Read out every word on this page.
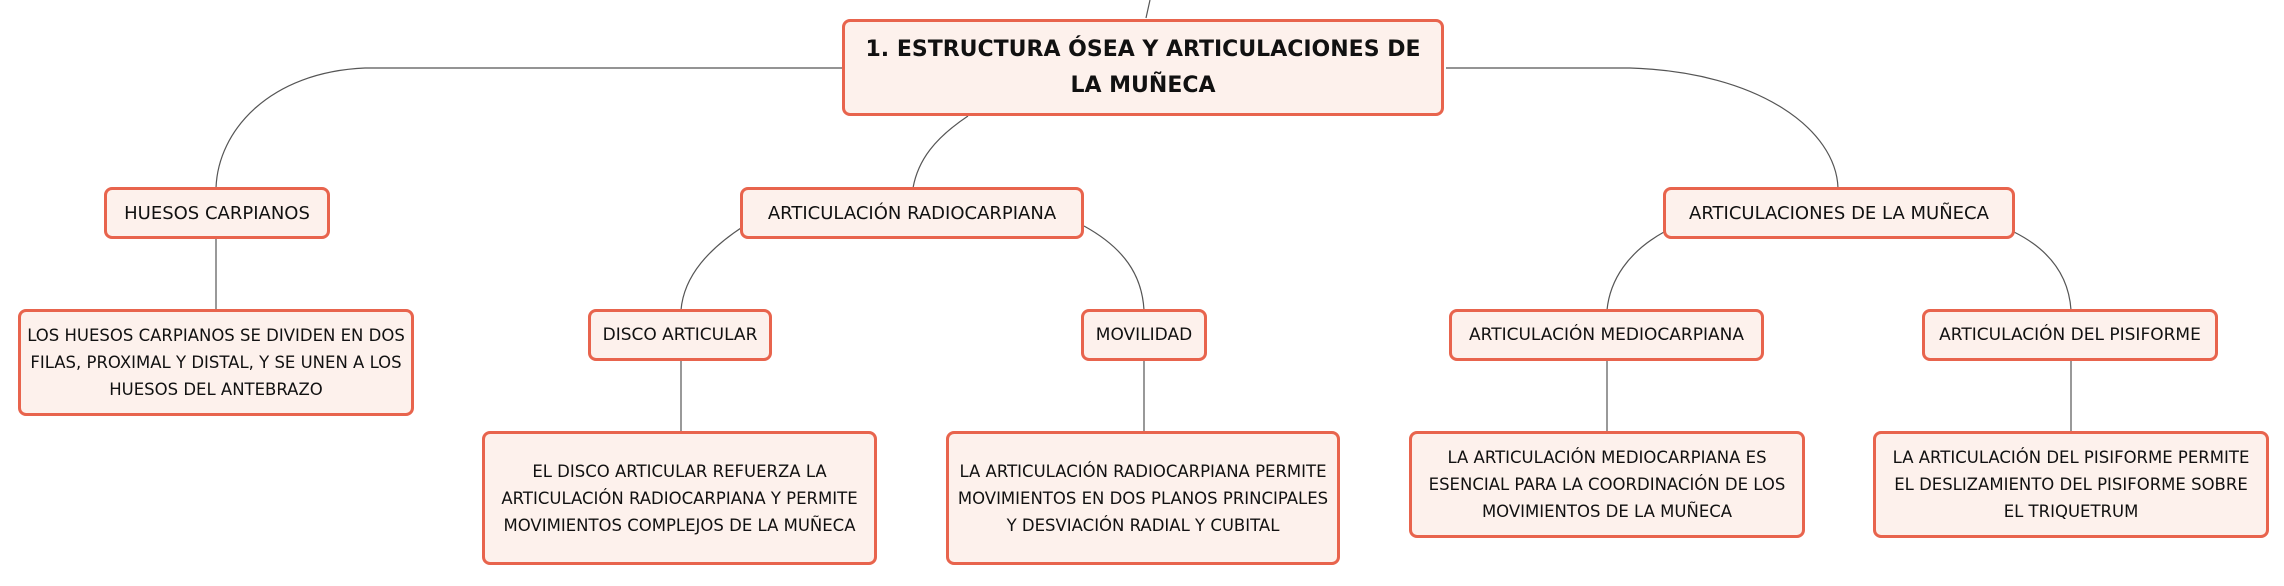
1. ESTRUCTURA ÓSEA Y ARTICULACIONES DE LA MUÑECA
HUESOS CARPIANOS	ARTICULACIÓN RADIOCARPIANA	ARTICULACIONES DE LA MUÑECA
LOS HUESOS CARPIANOS SE DIVIDEN EN DOS FILAS, PROXIMAL Y DISTAL, Y SE UNEN A LOS HUESOS DEL ANTEBRAZO
DISCO ARTICULAR	MOVILIDAD	ARTICULACIÓN MEDIOCARPIANA	ARTICULACIÓN DEL PISIFORME
EL DISCO ARTICULAR REFUERZA LA ARTICULACIÓN RADIOCARPIANA Y PERMITE MOVIMIENTOS COMPLEJOS DE LA MUÑECA
LA ARTICULACIÓN RADIOCARPIANA PERMITE MOVIMIENTOS EN DOS PLANOS PRINCIPALES Y DESVIACIÓN RADIAL Y CUBITAL
LA ARTICULACIÓN MEDIOCARPIANA ES ESENCIAL PARA LA COORDINACIÓN DE LOS MOVIMIENTOS DE LA MUÑECA
LA ARTICULACIÓN DEL PISIFORME PERMITE EL DESLIZAMIENTO DEL PISIFORME SOBRE EL TRIQUETRUM
